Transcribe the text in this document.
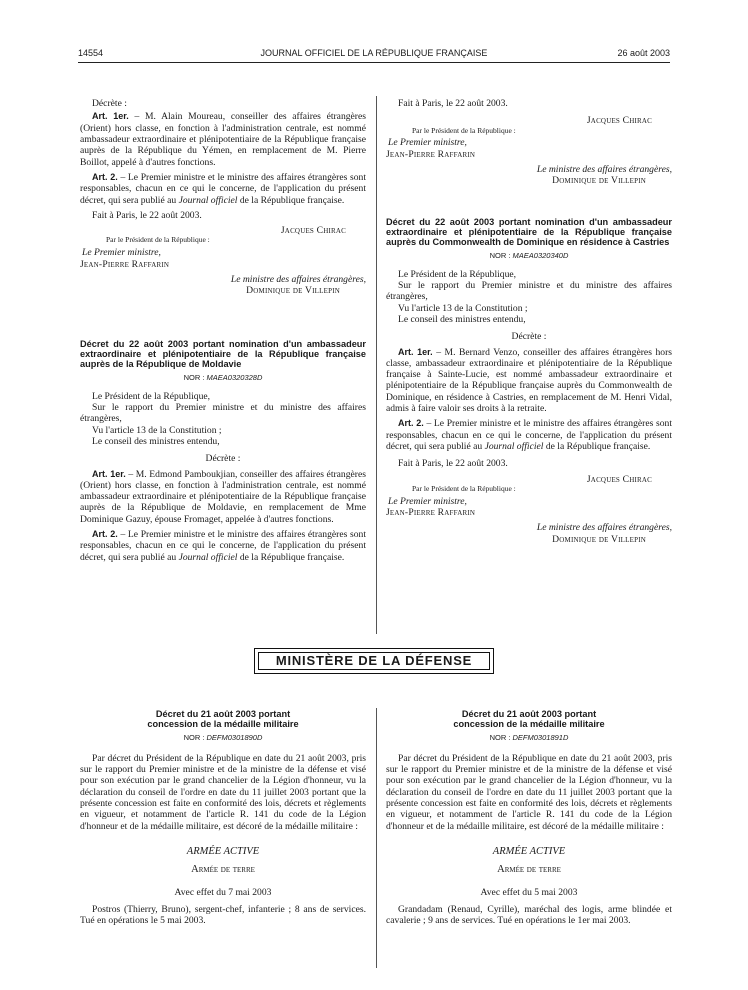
14554	JOURNAL OFFICIEL DE LA RÉPUBLIQUE FRANÇAISE	26 août 2003

Décrète :

Art. 1er. – M. Alain Moureau, conseiller des affaires étrangères (Orient) hors classe, en fonction à l'administration centrale, est nommé ambassadeur extraordinaire et plénipotentiaire de la République française auprès de la République du Yémen, en remplacement de M. Pierre Boillot, appelé à d'autres fonctions.

Art. 2. – Le Premier ministre et le ministre des affaires étrangères sont responsables, chacun en ce qui le concerne, de l'application du présent décret, qui sera publié au Journal officiel de la République française.

Fait à Paris, le 22 août 2003.

Jacques Chirac

Par le Président de la République :

Le Premier ministre,

Jean-Pierre Raffarin

Le ministre des affaires étrangères,

Dominique de Villepin

Décret du 22 août 2003 portant nomination d'un ambassadeur extraordinaire et plénipotentiaire de la République française auprès de la République de Moldavie

NOR : MAEA0320328D

Le Président de la République,

Sur le rapport du Premier ministre et du ministre des affaires étrangères,

Vu l'article 13 de la Constitution ;

Le conseil des ministres entendu,

Décrète :

Art. 1er. – M. Edmond Pamboukjian, conseiller des affaires étrangères (Orient) hors classe, en fonction à l'administration centrale, est nommé ambassadeur extraordinaire et plénipotentiaire de la République française auprès de la République de Moldavie, en remplacement de Mme Dominique Gazuy, épouse Fromaget, appelée à d'autres fonctions.

Art. 2. – Le Premier ministre et le ministre des affaires étrangères sont responsables, chacun en ce qui le concerne, de l'application du présent décret, qui sera publié au Journal officiel de la République française.

Fait à Paris, le 22 août 2003.

Jacques Chirac

Par le Président de la République :

Le Premier ministre,

Jean-Pierre Raffarin

Le ministre des affaires étrangères,

Dominique de Villepin

Décret du 22 août 2003 portant nomination d'un ambassadeur extraordinaire et plénipotentiaire de la République française auprès du Commonwealth de Dominique en résidence à Castries

NOR : MAEA0320340D

Le Président de la République,

Sur le rapport du Premier ministre et du ministre des affaires étrangères,

Vu l'article 13 de la Constitution ;

Le conseil des ministres entendu,

Décrète :

Art. 1er. – M. Bernard Venzo, conseiller des affaires étrangères hors classe, ambassadeur extraordinaire et plénipotentiaire de la République française à Sainte-Lucie, est nommé ambassadeur extraordinaire et plénipotentiaire de la République française auprès du Commonwealth de Dominique, en résidence à Castries, en remplacement de M. Henri Vidal, admis à faire valoir ses droits à la retraite.

Art. 2. – Le Premier ministre et le ministre des affaires étrangères sont responsables, chacun en ce qui le concerne, de l'application du présent décret, qui sera publié au Journal officiel de la République française.

Fait à Paris, le 22 août 2003.

Jacques Chirac

Par le Président de la République :

Le Premier ministre,

Jean-Pierre Raffarin

Le ministre des affaires étrangères,

Dominique de Villepin

MINISTÈRE DE LA DÉFENSE

Décret du 21 août 2003 portant concession de la médaille militaire

NOR : DEFM0301890D

Par décret du Président de la République en date du 21 août 2003, pris sur le rapport du Premier ministre et de la ministre de la défense et visé pour son exécution par le grand chancelier de la Légion d'honneur, vu la déclaration du conseil de l'ordre en date du 11 juillet 2003 portant que la présente concession est faite en conformité des lois, décrets et règlements en vigueur, et notamment de l'article R. 141 du code de la Légion d'honneur et de la médaille militaire, est décoré de la médaille militaire :

ARMÉE ACTIVE

Armée de terre

Avec effet du 7 mai 2003

Postros (Thierry, Bruno), sergent-chef, infanterie ; 8 ans de services. Tué en opérations le 5 mai 2003.

Décret du 21 août 2003 portant concession de la médaille militaire

NOR : DEFM0301891D

Par décret du Président de la République en date du 21 août 2003, pris sur le rapport du Premier ministre et de la ministre de la défense et visé pour son exécution par le grand chancelier de la Légion d'honneur, vu la déclaration du conseil de l'ordre en date du 11 juillet 2003 portant que la présente concession est faite en conformité des lois, décrets et règlements en vigueur, et notamment de l'article R. 141 du code de la Légion d'honneur et de la médaille militaire, est décoré de la médaille militaire :

ARMÉE ACTIVE

Armée de terre

Avec effet du 5 mai 2003

Grandadam (Renaud, Cyrille), maréchal des logis, arme blindée et cavalerie ; 9 ans de services. Tué en opérations le 1er mai 2003.
